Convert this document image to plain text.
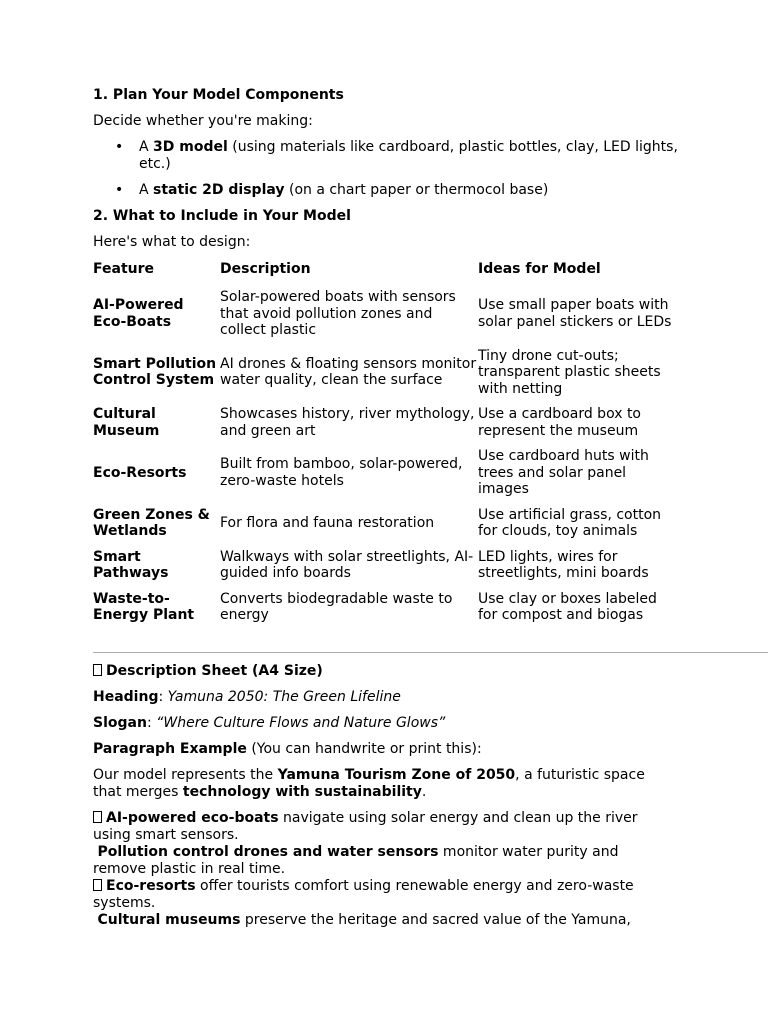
1. Plan Your Model Components

Decide whether you're making:

• A 3D model (using materials like cardboard, plastic bottles, clay, LED lights, etc.)
• A static 2D display (on a chart paper or thermocol base)
2. What to Include in Your Model

Here's what to design:

Feature	Description	Ideas for Model
AI-Powered Eco-Boats	Solar-powered boats with sensors that avoid pollution zones and collect plastic	Use small paper boats with solar panel stickers or LEDs
Smart Pollution Control System	AI drones & floating sensors monitor water quality, clean the surface	Tiny drone cut-outs; transparent plastic sheets with netting
Cultural Museum	Showcases history, river mythology, and green art	Use a cardboard box to represent the museum
Eco-Resorts	Built from bamboo, solar-powered, zero-waste hotels	Use cardboard huts with trees and solar panel images
Green Zones & Wetlands	For flora and fauna restoration	Use artificial grass, cotton for clouds, toy animals
Smart Pathways	Walkways with solar streetlights, AI-guided info boards	LED lights, wires for streetlights, mini boards
Waste-to-Energy Plant	Converts biodegradable waste to energy	Use clay or boxes labeled for compost and biogas

Description Sheet (A4 Size)

Heading: Yamuna 2050: The Green Lifeline

Slogan: “Where Culture Flows and Nature Glows”

Paragraph Example (You can handwrite or print this):

Our model represents the Yamuna Tourism Zone of 2050, a futuristic space that merges technology with sustainability.

AI-powered eco-boats navigate using solar energy and clean up the river using smart sensors.
Pollution control drones and water sensors monitor water purity and remove plastic in real time.
Eco-resorts offer tourists comfort using renewable energy and zero-waste systems.
Cultural museums preserve the heritage and sacred value of the Yamuna,
